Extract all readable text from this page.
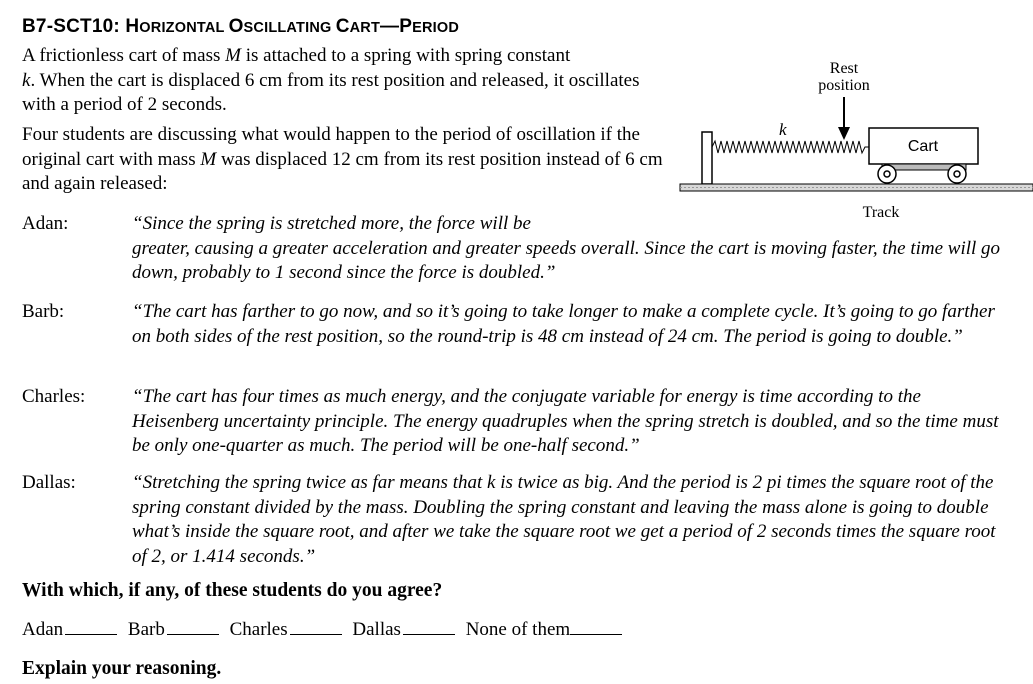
B7-SCT10: HORIZONTAL OSCILLATING CART—PERIOD
A frictionless cart of mass M is attached to a spring with spring constant
k. When the cart is displaced 6 cm from its rest position and released, it oscillates with a period of 2 seconds.
Four students are discussing what would happen to the period of oscillation if the original cart with mass M was displaced 12 cm from its rest position instead of 6 cm and again released:
Rest
position
k
Cart
Track
Adan:	“Since the spring is stretched more, the force will be
greater, causing a greater acceleration and greater speeds overall. Since the cart is moving faster, the time will go down, probably to 1 second since the force is doubled.”
Barb:	“The cart has farther to go now, and so it’s going to take longer to make a complete cycle. It’s going to go farther on both sides of the rest position, so the round-trip is 48 cm instead of 24 cm. The period is going to double.”
Charles: “The cart has four times as much energy, and the conjugate variable for energy is time according to the Heisenberg uncertainty principle. The energy quadruples when the spring stretch is doubled, and so the time must be only one-quarter as much. The period will be one-half second.”
Dallas:	“Stretching the spring twice as far means that k is twice as big. And the period is 2 pi times the square root of the spring constant divided by the mass. Doubling the spring constant and leaving the mass alone is going to double what’s inside the square root, and after we take the square root we get a period of 2 seconds times the square root of 2, or 1.414 seconds.”
With which, if any, of these students do you agree?
Adan	Barb	Charles	Dallas	None of them
Explain your reasoning.
